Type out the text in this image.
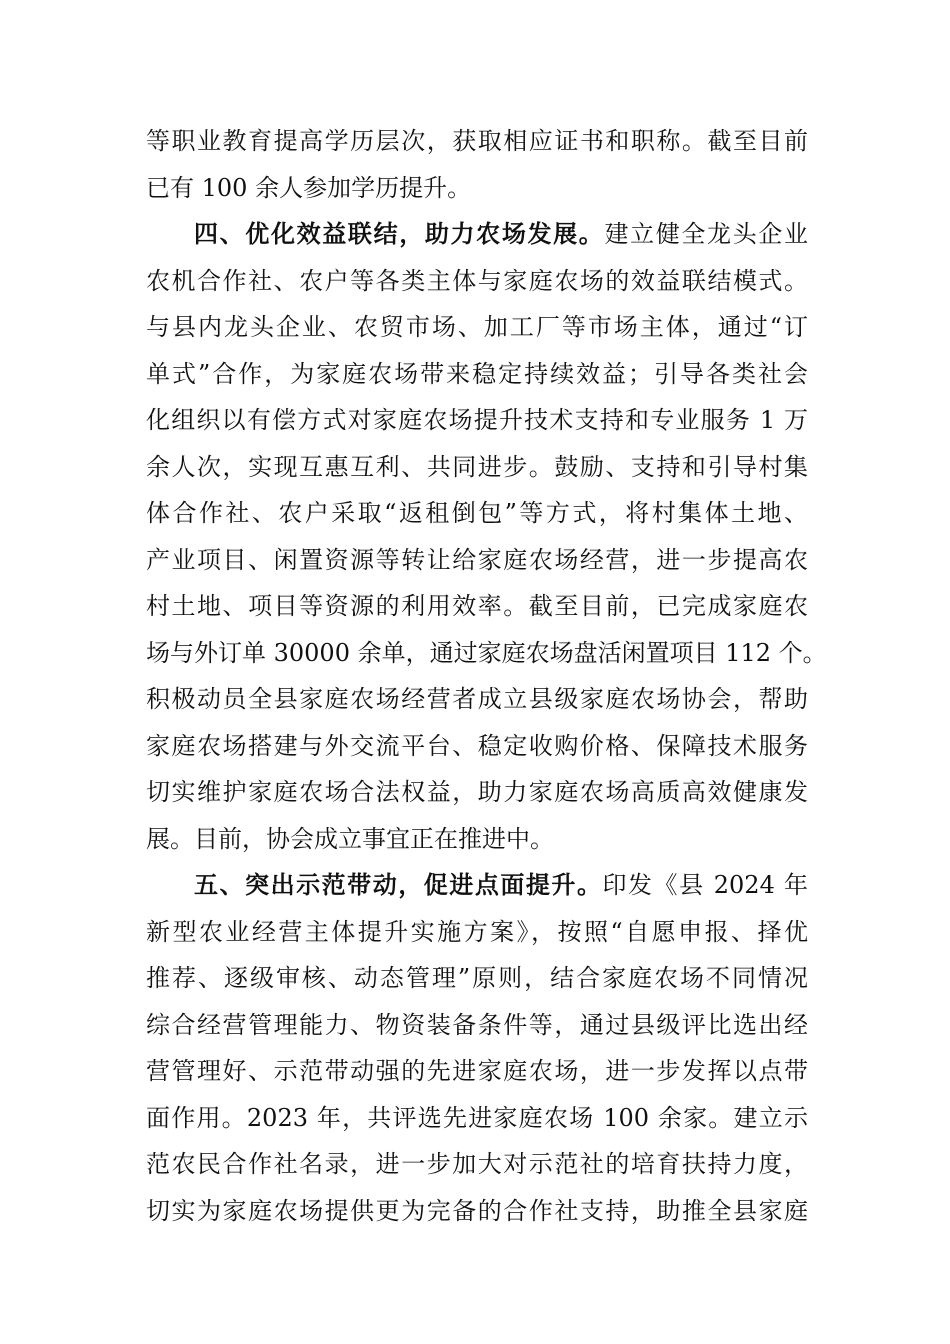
等职业教育提高学历层次，获取相应证书和职称。截至目前
已有 100 余人参加学历提升。
四、优化效益联结，助力农场发展。建立健全龙头企业
农机合作社、农户等各类主体与家庭农场的效益联结模式。
与县内龙头企业、农贸市场、加工厂等市场主体，通过“订
单式”合作，为家庭农场带来稳定持续效益；引导各类社会
化组织以有偿方式对家庭农场提升技术支持和专业服务 1 万
余人次，实现互惠互利、共同进步。鼓励、支持和引导村集
体合作社、农户采取“返租倒包”等方式，将村集体土地、
产业项目、闲置资源等转让给家庭农场经营，进一步提高农
村土地、项目等资源的利用效率。截至目前，已完成家庭农
场与外订单 30000 余单，通过家庭农场盘活闲置项目 112 个。
积极动员全县家庭农场经营者成立县级家庭农场协会，帮助
家庭农场搭建与外交流平台、稳定收购价格、保障技术服务
切实维护家庭农场合法权益，助力家庭农场高质高效健康发
展。目前，协会成立事宜正在推进中。
五、突出示范带动，促进点面提升。印发《县 2024 年
新型农业经营主体提升实施方案》，按照“自愿申报、择优
推荐、逐级审核、动态管理”原则，结合家庭农场不同情况
综合经营管理能力、物资装备条件等，通过县级评比选出经
营管理好、示范带动强的先进家庭农场，进一步发挥以点带
面作用。2023 年，共评选先进家庭农场 100 余家。建立示
范农民合作社名录，进一步加大对示范社的培育扶持力度，
切实为家庭农场提供更为完备的合作社支持，助推全县家庭
